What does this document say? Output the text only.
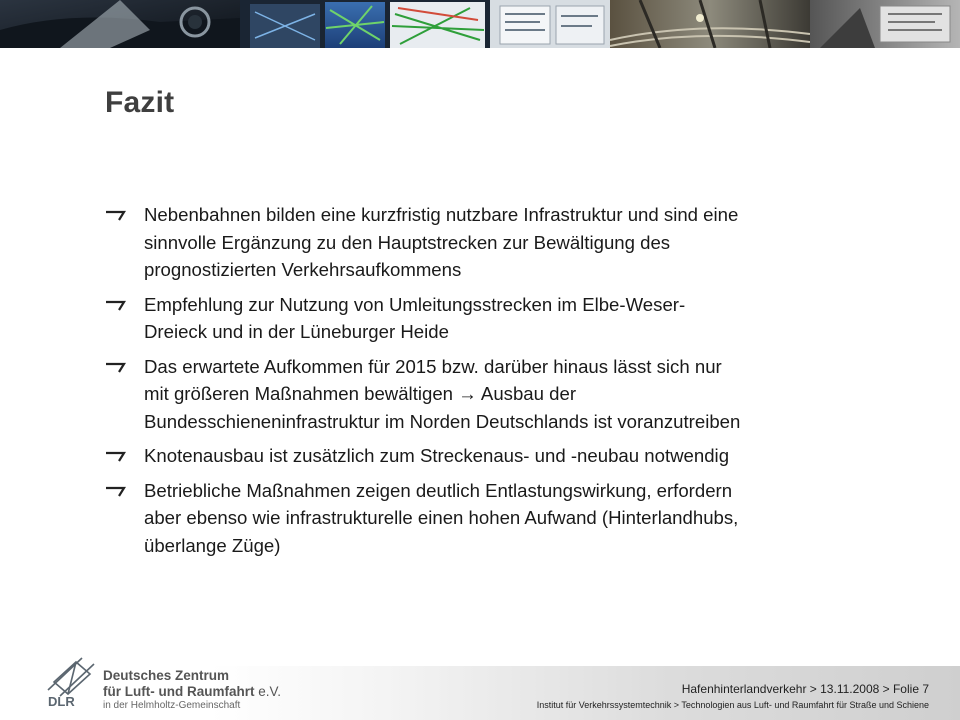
Fazit
Nebenbahnen bilden eine kurzfristig nutzbare Infrastruktur und sind eine
sinnvolle Ergänzung zu den Hauptstrecken zur Bewältigung des
prognostizierten Verkehrsaufkommens
Empfehlung zur Nutzung von Umleitungsstrecken im Elbe-Weser-
Dreieck und in der Lüneburger Heide
Das erwartete Aufkommen für 2015 bzw. darüber hinaus lässt sich nur
mit größeren Maßnahmen bewältigen → Ausbau der
Bundesschieneninfrastruktur im Norden Deutschlands ist voranzutreiben
Knotenausbau ist zusätzlich zum Streckenaus- und -neubau notwendig
Betriebliche Maßnahmen zeigen deutlich Entlastungswirkung, erfordern
aber ebenso wie infrastrukturelle einen hohen Aufwand (Hinterlandhubs,
überlange Züge)
DLR
Deutsches Zentrum
für Luft- und Raumfahrt e.V.
in der Helmholtz-Gemeinschaft
Hafenhinterlandverkehr > 13.11.2008 > Folie 7
Institut für Verkehrssystemtechnik > Technologien aus Luft- und Raumfahrt für Straße und Schiene
